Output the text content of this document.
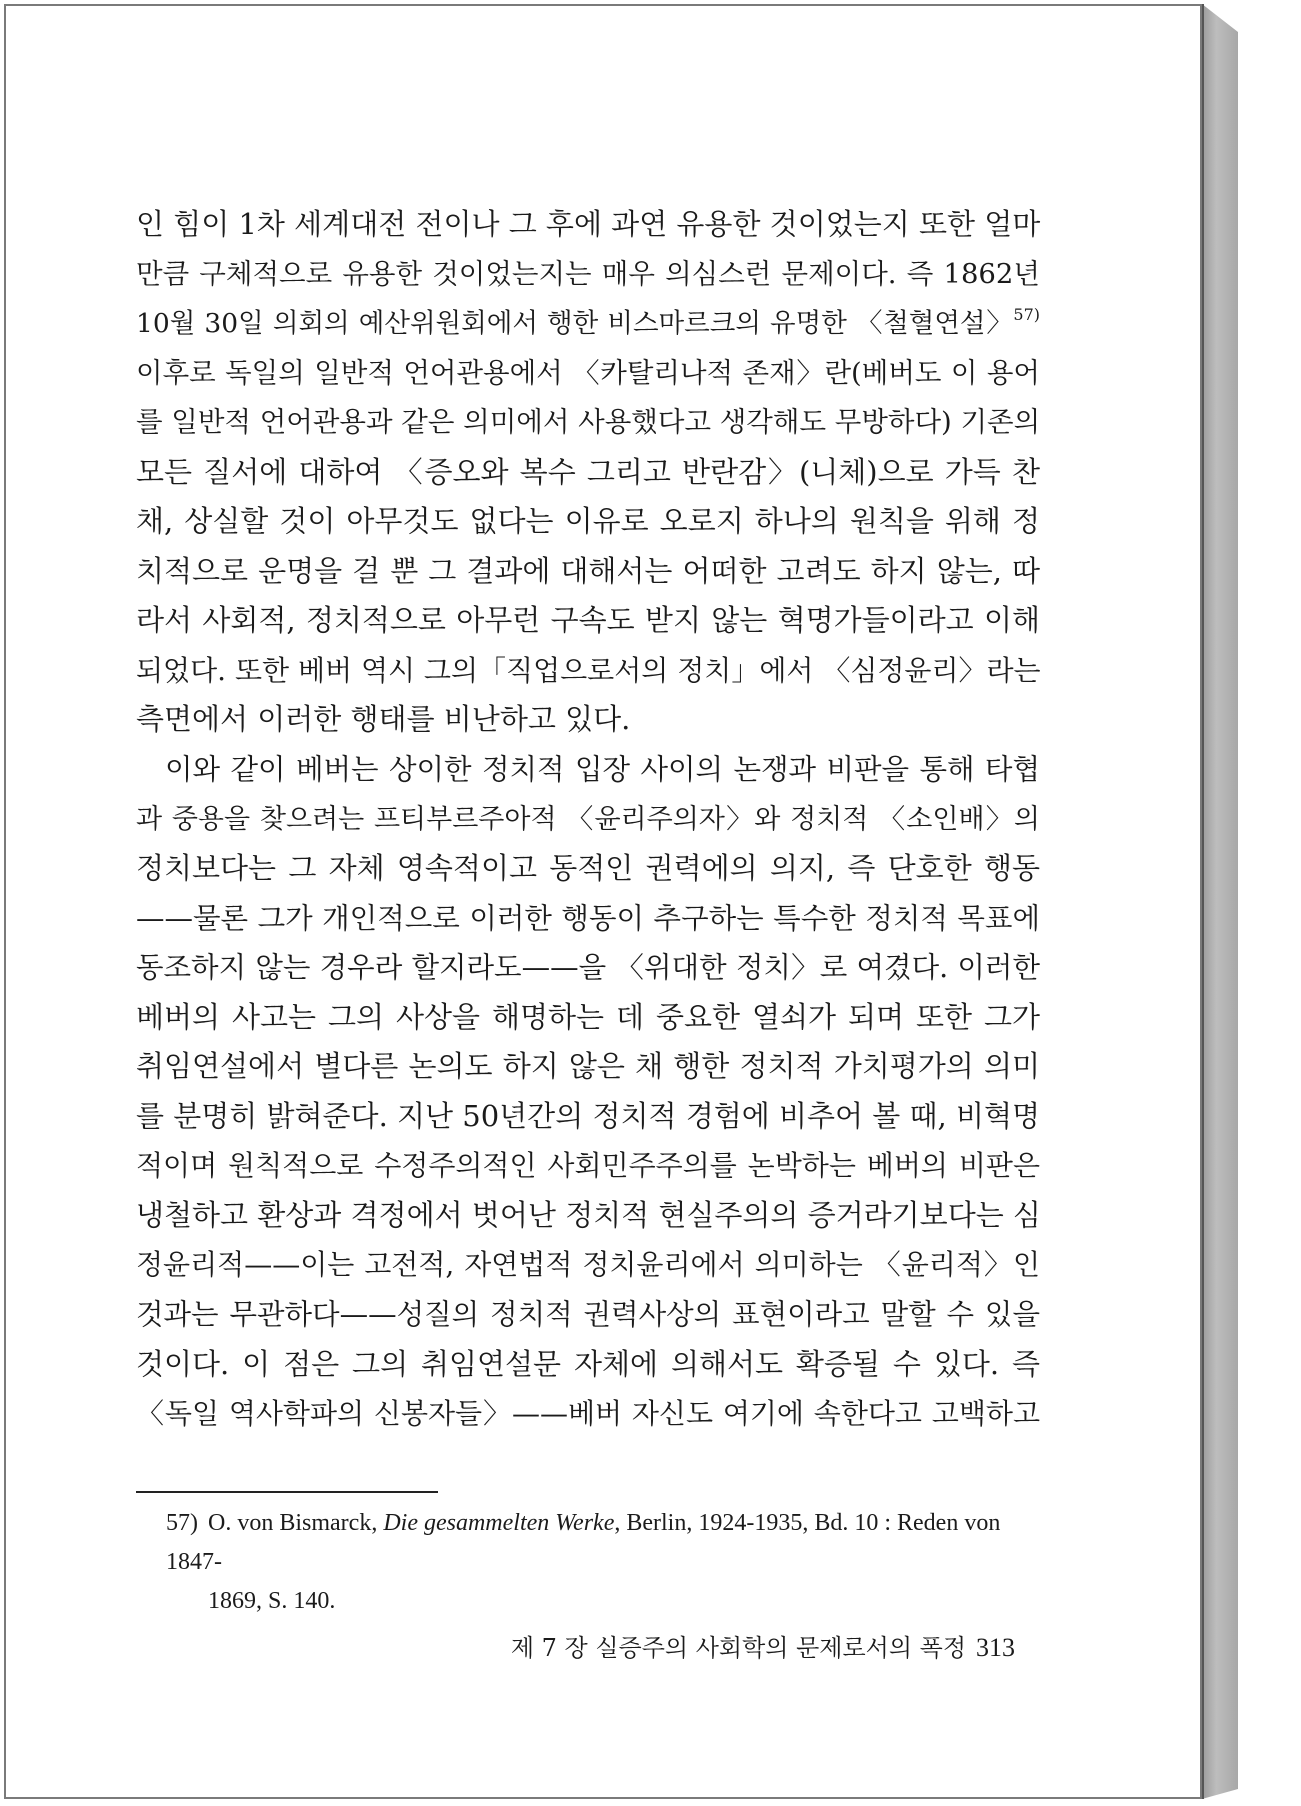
인 힘이 1차 세계대전 전이나 그 후에 과연 유용한 것이었는지 또한 얼마
만큼 구체적으로 유용한 것이었는지는 매우 의심스런 문제이다. 즉 1862년
10월 30일 의회의 예산위원회에서 행한 비스마르크의 유명한 〈철혈연설〉$^{57)}$
이후로 독일의 일반적 언어관용에서 〈카탈리나적 존재〉란(베버도 이 용어
를 일반적 언어관용과 같은 의미에서 사용했다고 생각해도 무방하다) 기존의
모든 질서에 대하여 〈증오와 복수 그리고 반란감〉(니체)으로 가득 찬
채, 상실할 것이 아무것도 없다는 이유로 오로지 하나의 원칙을 위해 정
치적으로 운명을 걸 뿐 그 결과에 대해서는 어떠한 고려도 하지 않는, 따
라서 사회적, 정치적으로 아무런 구속도 받지 않는 혁명가들이라고 이해
되었다. 또한 베버 역시 그의「직업으로서의 정치」에서 〈심정윤리〉라는
측면에서 이러한 행태를 비난하고 있다.
이와 같이 베버는 상이한 정치적 입장 사이의 논쟁과 비판을 통해 타협
과 중용을 찾으려는 프티부르주아적 〈윤리주의자〉와 정치적 〈소인배〉의
정치보다는 그 자체 영속적이고 동적인 권력에의 의지, 즉 단호한 행동
——물론 그가 개인적으로 이러한 행동이 추구하는 특수한 정치적 목표에
동조하지 않는 경우라 할지라도——을 〈위대한 정치〉로 여겼다. 이러한
베버의 사고는 그의 사상을 해명하는 데 중요한 열쇠가 되며 또한 그가
취임연설에서 별다른 논의도 하지 않은 채 행한 정치적 가치평가의 의미
를 분명히 밝혀준다. 지난 50년간의 정치적 경험에 비추어 볼 때, 비혁명
적이며 원칙적으로 수정주의적인 사회민주주의를 논박하는 베버의 비판은
냉철하고 환상과 격정에서 벗어난 정치적 현실주의의 증거라기보다는 심
정윤리적——이는 고전적, 자연법적 정치윤리에서 의미하는 〈윤리적〉인
것과는 무관하다——성질의 정치적 권력사상의 표현이라고 말할 수 있을
것이다. 이 점은 그의 취임연설문 자체에 의해서도 확증될 수 있다. 즉
〈독일 역사학파의 신봉자들〉——베버 자신도 여기에 속한다고 고백하고
57) O. von Bismarck, Die gesammelten Werke, Berlin, 1924-1935, Bd. 10 : Reden von 1847-
1869, S. 140.
제 7 장 실증주의 사회학의 문제로서의 폭정 313
